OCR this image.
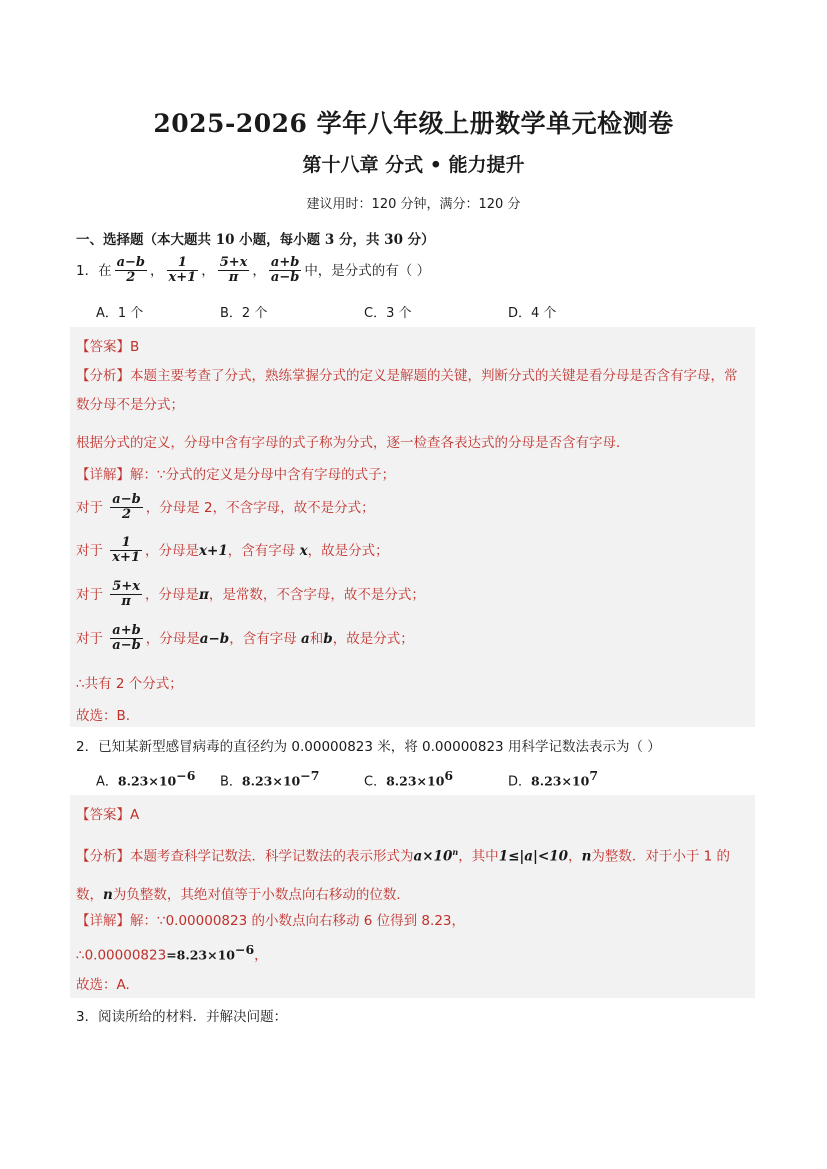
2025-2026 学年八年级上册数学单元检测卷
第十八章 分式 • 能力提升
建议用时：120 分钟，满分：120 分
一、选择题（本大题共 10 小题，每小题 3 分，共 30 分）
1．在 $\frac{a-b}{2}$ ， $\frac{1}{x+1}$ ， $\frac{5+x}{\pi}$ ， $\frac{a+b}{a-b}$ 中，是分式的有（ ）
A．1 个	B．2 个	C．3 个	D．4 个
【答案】B
【分析】本题主要考查了分式，熟练掌握分式的定义是解题的关键，判断分式的关键是看分母是否含有字母，常数分母不是分式；
根据分式的定义，分母中含有字母的式子称为分式，逐一检查各表达式的分母是否含有字母．
【详解】解：∵分式的定义是分母中含有字母的式子；
对于 $\frac{a-b}{2}$ ，分母是 2，不含字母，故不是分式；
对于 $\frac{1}{x+1}$ ，分母是x+1，含有字母 x，故是分式；
对于 $\frac{5+x}{\pi}$ ，分母是π，是常数，不含字母，故不是分式；
对于 $\frac{a+b}{a-b}$ ，分母是a−b，含有字母 a和b，故是分式；
∴共有 2 个分式；
故选：B.
2．已知某新型感冒病毒的直径约为 0.00000823 米，将 0.00000823 用科学记数法表示为（ ）
A．$8.23\times 10^{-6}$ B．$8.23\times 10^{-7}$	C．$8.23\times 10^6$	D．$8.23\times 10^7$
【答案】A
【分析】本题考查科学记数法．科学记数法的表示形式为$a\times 10^n$，其中1≤|a|<10，n为整数．对于小于 1 的数，n为负整数，其绝对值等于小数点向右移动的位数．
【详解】解：∵0.00000823 的小数点向右移动 6 位得到 8.23，
$\therefore 0.00000823=8.23\times 10^{-6}$，
故选：A.
3．阅读所给的材料．并解决问题：
